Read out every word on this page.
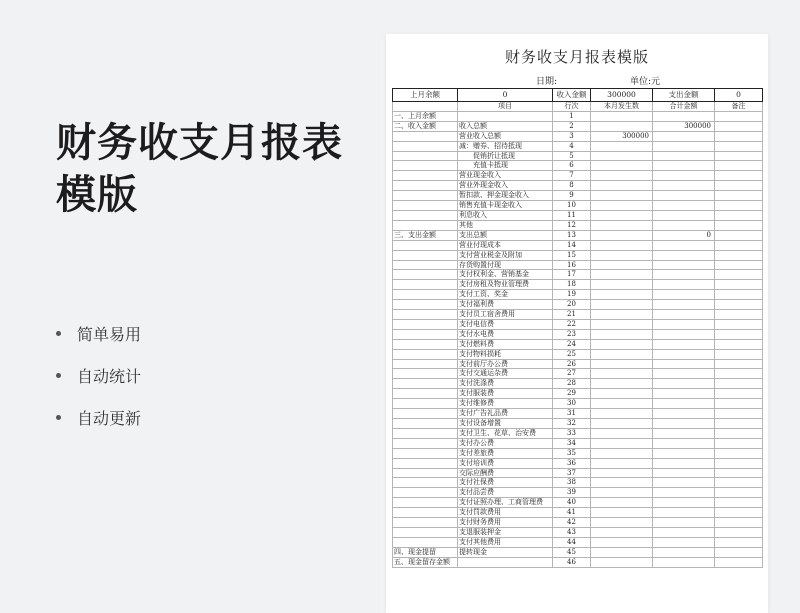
财务收支月报表模版
简单易用
自动统计
自动更新
财务收支月报表模版
日期:	单位:元
上月余额	0	收入金额	300000	支出金额	0
	项目	行次	本月发生数	合计金额	备注
一、上月余额		1			
二、收入金额	收入总额	2		300000	
	营业收入总额	3	300000		
	减：赠券、招待抵现	4			
	　　促销折让抵现	5			
	　　充值卡抵现	6			
	营业现金收入	7			
	营业外现金收入	8			
	暂扣款、押金现金收入	9			
	销售充值卡现金收入	10			
	利息收入	11			
	其他	12			
三、支出金额	支出总额	13		0	
	营业付现成本	14			
	支付营业税金及附加	15			
	存货购置付现	16			
	支付权利金、营销基金	17			
	支付房租及物业管理费	18			
	支付工资、奖金	19			
	支付福利费	20			
	支付员工宿舍费用	21			
	支付电信费	22			
	支付水电费	23			
	支付燃料费	24			
	支付物料损耗	25			
	支付前厅办公费	26			
	支付交通运杂费	27			
	支付洗涤费	28			
	支付服装费	29			
	支付维修费	30			
	支付广告礼品费	31			
	支付设备增置	32			
	支付卫生、花草、治安费	33			
	支付办公费	34			
	支付差旅费	35			
	支付培训费	36			
	交际应酬费	37			
	支付社保费	38			
	支付品尝费	39			
	支付证照办理、工商管理费	40			
	支付罚款费用	41			
	支付财务费用	42			
	支退服装押金	43			
	支付其他费用	44			
四、现金提留	提转现金	45			
五、现金留存金额		46			
